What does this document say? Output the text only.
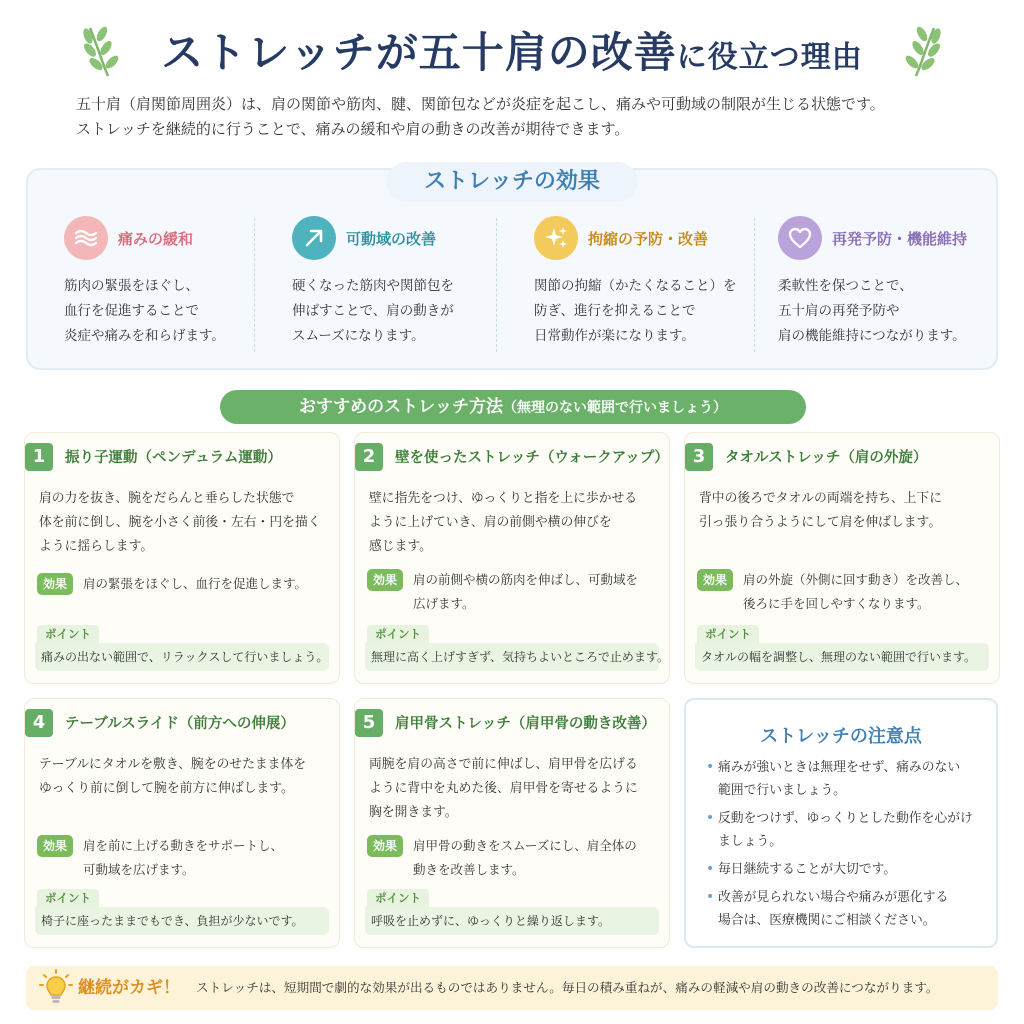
ストレッチが五十肩の改善に役立つ理由

五十肩（肩関節周囲炎）は、肩の関節や筋肉、腱、関節包などが炎症を起こし、痛みや可動域の制限が生じる状態です。

ストレッチを継続的に行うことで、痛みの緩和や肩の動きの改善が期待できます。

ストレッチの効果
痛みの緩和
筋肉の緊張をほぐし、
血行を促進することで
炎症や痛みを和らげます。
可動域の改善
硬くなった筋肉や関節包を
伸ばすことで、肩の動きが
スムーズになります。
拘縮の予防・改善
関節の拘縮（かたくなること）を
防ぎ、進行を抑えることで
日常動作が楽になります。
再発予防・機能維持
柔軟性を保つことで、
五十肩の再発予防や
肩の機能維持につながります。
おすすめのストレッチ方法（無理のない範囲で行いましょう）
1	振り子運動（ペンデュラム運動）
肩の力を抜き、腕をだらんと垂らした状態で
体を前に倒し、腕を小さく前後・左右・円を描く
ように揺らします。
効果	肩の緊張をほぐし、血行を促進します。
ポイント
痛みの出ない範囲で、リラックスして行いましょう。
2	壁を使ったストレッチ（ウォークアップ）
壁に指先をつけ、ゆっくりと指を上に歩かせる
ように上げていき、肩の前側や横の伸びを
感じます。
効果	肩の前側や横の筋肉を伸ばし、可動域を
広げます。
ポイント
無理に高く上げすぎず、気持ちよいところで止めます。
3	タオルストレッチ（肩の外旋）
背中の後ろでタオルの両端を持ち、上下に
引っ張り合うようにして肩を伸ばします。
効果	肩の外旋（外側に回す動き）を改善し、
後ろに手を回しやすくなります。
ポイント
タオルの幅を調整し、無理のない範囲で行います。
4	テーブルスライド（前方への伸展）
テーブルにタオルを敷き、腕をのせたまま体を
ゆっくり前に倒して腕を前方に伸ばします。
効果	肩を前に上げる動きをサポートし、
可動域を広げます。
ポイント
椅子に座ったままでもでき、負担が少ないです。
5	肩甲骨ストレッチ（肩甲骨の動き改善）
両腕を肩の高さで前に伸ばし、肩甲骨を広げる
ように背中を丸めた後、肩甲骨を寄せるように
胸を開きます。
効果	肩甲骨の動きをスムーズにし、肩全体の
動きを改善します。
ポイント
呼吸を止めずに、ゆっくりと繰り返します。
ストレッチの注意点
• 痛みが強いときは無理をせず、痛みのない
範囲で行いましょう。
• 反動をつけず、ゆっくりとした動作を心がけ
ましょう。
• 毎日継続することが大切です。
• 改善が見られない場合や痛みが悪化する
場合は、医療機関にご相談ください。
継続がカギ！ ストレッチは、短期間で劇的な効果が出るものではありません。毎日の積み重ねが、痛みの軽減や肩の動きの改善につながります。
